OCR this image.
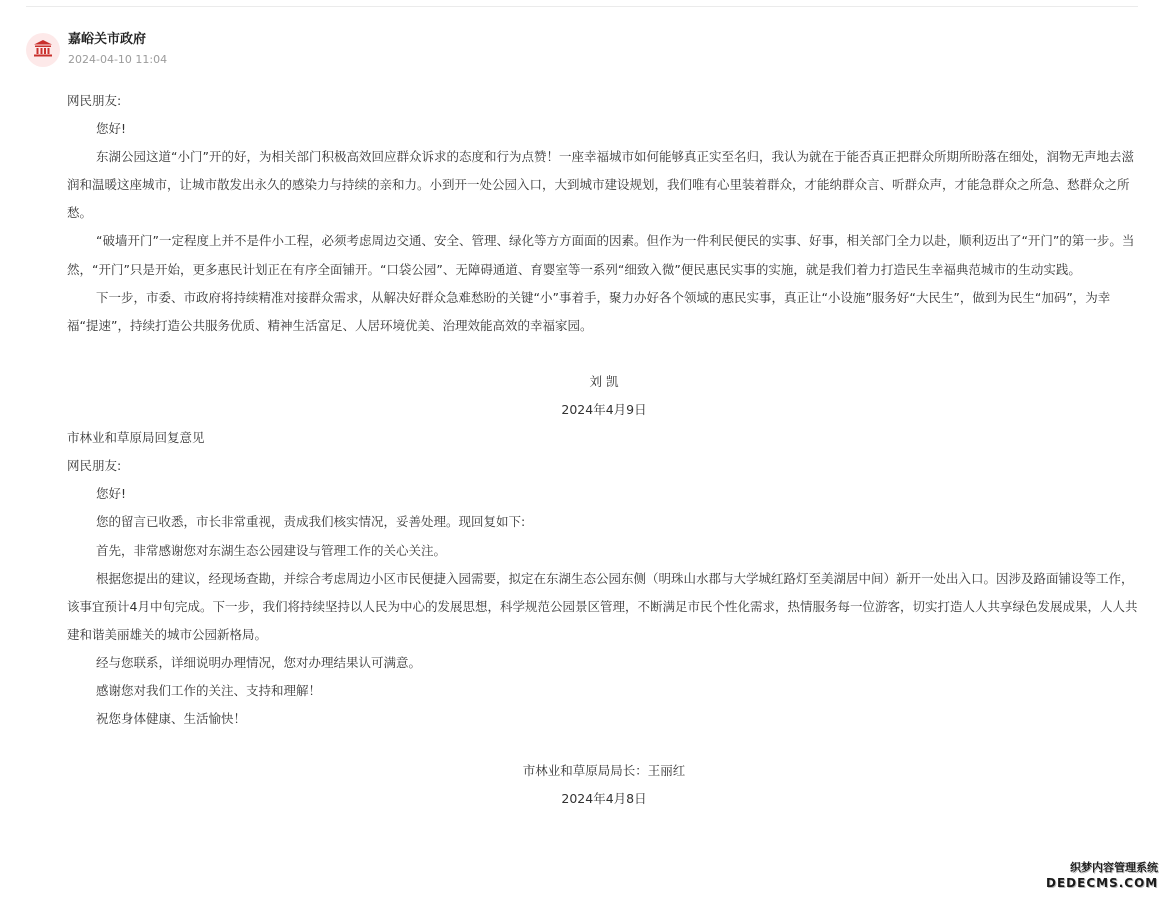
嘉峪关市政府
2024-04-10 11:04

网民朋友:

您好!

东湖公园这道“小门”开的好，为相关部门积极高效回应群众诉求的态度和行为点赞！一座幸福城市如何能够真正实至名归，我认为就在于能否真正把群众所期所盼落在细处，润物无声地去滋润和温暖这座城市，让城市散发出永久的感染力与持续的亲和力。小到开一处公园入口，大到城市建设规划，我们唯有心里装着群众，才能纳群众言、听群众声，才能急群众之所急、愁群众之所愁。

“破墙开门”一定程度上并不是件小工程，必须考虑周边交通、安全、管理、绿化等方方面面的因素。但作为一件利民便民的实事、好事，相关部门全力以赴，顺利迈出了“开门”的第一步。当然，“开门”只是开始，更多惠民计划正在有序全面铺开。“口袋公园”、无障碍通道、育婴室等一系列“细致入微”便民惠民实事的实施，就是我们着力打造民生幸福典范城市的生动实践。

下一步，市委、市政府将持续精准对接群众需求，从解决好群众急难愁盼的关键“小”事着手，聚力办好各个领域的惠民实事，真正让“小设施”服务好“大民生”，做到为民生“加码”，为幸福“提速”，持续打造公共服务优质、精神生活富足、人居环境优美、治理效能高效的幸福家园。

刘 凯

2024年4月9日

市林业和草原局回复意见

网民朋友:

您好!

您的留言已收悉，市长非常重视，责成我们核实情况，妥善处理。现回复如下:

首先，非常感谢您对东湖生态公园建设与管理工作的关心关注。

根据您提出的建议，经现场查勘，并综合考虑周边小区市民便捷入园需要，拟定在东湖生态公园东侧（明珠山水郡与大学城红路灯至美湖居中间）新开一处出入口。因涉及路面铺设等工作，该事宜预计4月中旬完成。下一步，我们将持续坚持以人民为中心的发展思想，科学规范公园景区管理，不断满足市民个性化需求，热情服务每一位游客，切实打造人人共享绿色发展成果，人人共建和谐美丽雄关的城市公园新格局。

经与您联系，详细说明办理情况，您对办理结果认可满意。

感谢您对我们工作的关注、支持和理解！

祝您身体健康、生活愉快！

市林业和草原局局长：王丽红

2024年4月8日

织梦内容管理系统
DEDECMS.COM
